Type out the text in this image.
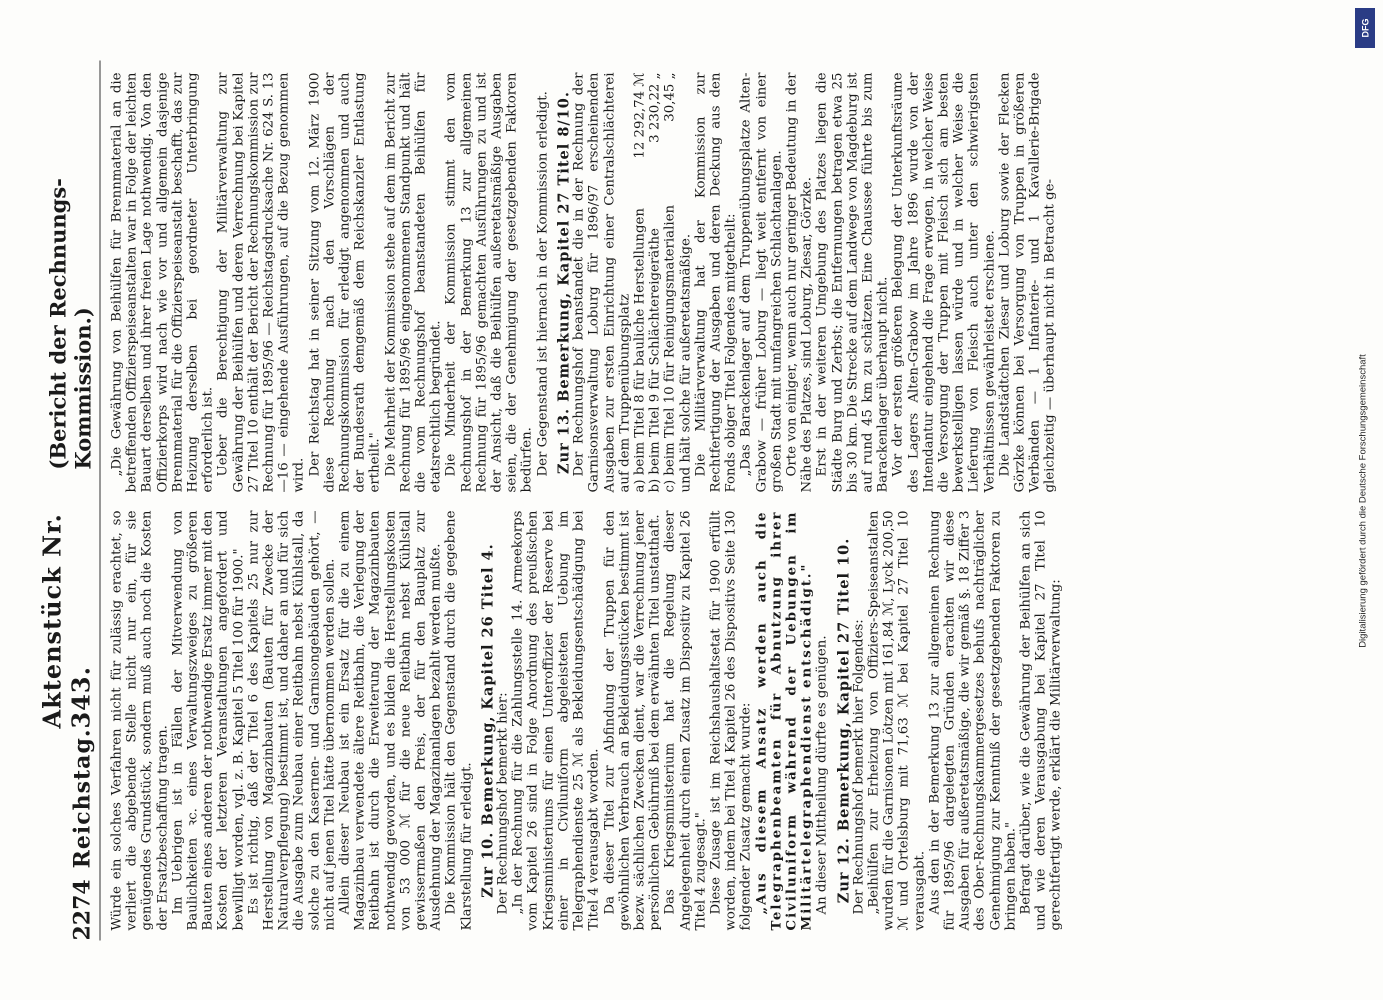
2274
Reichstag.
Aktenstück Nr. 343.
(Bericht der Rechnungs-Kommission.)

Würde ein solches Verfahren nicht für zulässig erachtet, so verliert die abgebende Stelle nicht nur ein, für sie genügendes Grundstück, sondern muß auch noch die Kosten der Ersatzbeschaffung tragen. Im Uebrigen ist in Fällen der Mitverwendung von Baulichkeiten ꝛc. eines Verwaltungszweiges zu größeren Bauten eines anderen der nothwendige Ersatz immer mit den Kosten der letzteren Veranstaltungen angefordert und bewilligt worden, vgl. z. B. Kapitel 5 Titel 100 für 1900." Es ist richtig, daß der Titel 6 des Kapitels 25 nur zur Herstellung von Magazinbauten (Bauten für Zwecke der Naturalverpflegung) bestimmt ist, und daher an und für sich die Ausgabe zum Neubau einer Reitbahn nebst Kühlstall, da solche zu den Kasernen- und Garnisongebäuden gehört, — nicht auf jenen Titel hätte übernommen werden sollen. Allein dieser Neubau ist ein Ersatz für die zu einem Magazinbau verwendete ältere Reitbahn, die Verlegung der Reitbahn ist durch die Erweiterung der Magazinbauten nothwendig geworden, und es bilden die Herstellungskosten von 53 000 ℳ für die neue Reitbahn nebst Kühlstall gewissermaßen den Preis, der für den Bauplatz zur Ausdehnung der Magazinanlagen bezahlt werden mußte. Die Kommission hält den Gegenstand durch die gegebene Klarstellung für erledigt. Zur 10. Bemerkung, Kapitel 26 Titel 4. Der Rechnungshof bemerkt hier: „In der Rechnung für die Zahlungsstelle 14. Armeekorps vom Kapitel 26 sind in Folge Anordnung des preußischen Kriegsministeriums für einen Unteroffizier der Reserve bei einer in Civiluniform abgeleisteten Uebung im Telegraphendienste 25 ℳ als Bekleidungsentschädigung bei Titel 4 verausgabt worden. Da dieser Titel zur Abfindung der Truppen für den gewöhnlichen Verbrauch an Bekleidungsstücken bestimmt ist bezw. sächlichen Zwecken dient, war die Verrechnung jener persönlichen Gebührniß bei dem erwähnten Titel unstatthaft. Das Kriegsministerium hat die Regelung dieser Angelegenheit durch einen Zusatz im Dispositiv zu Kapitel 26 Titel 4 zugesagt." Diese Zusage ist im Reichshaushaltsetat für 1900 erfüllt worden, indem bei Titel 4 Kapitel 26 des Dispositivs Seite 130 folgender Zusatz gemacht wurde: „Aus diesem Ansatz werden auch die Telegraphenbeamten für Abnutzung ihrer Civiluniform während der Uebungen im Militärtelegraphendienst entschädigt." An dieser Mittheilung dürfte es genügen. Zur 12. Bemerkung, Kapitel 27 Titel 10. Der Rechnungshof bemerkt hier Folgendes: „Beihülfen zur Erheizung von Offiziers-Speiseanstalten wurden für die Garnisonen Lötzen mit 161,84 ℳ, Lyck 200,50 ℳ und Ortelsburg mit 71,63 ℳ bei Kapitel 27 Titel 10 verausgabt. Aus den in der Bemerkung 13 zur allgemeinen Rechnung für 1895/96 dargelegten Gründen erachten wir diese Ausgaben für außeretatsmäßige, die wir gemäß §. 18 Ziffer 3 des Ober-Rechnungskammergesetzes behufs nachträglicher Genehmigung zur Kenntniß der gesetzgebenden Faktoren zu bringen haben." Befragt darüber, wie die Gewährung der Beihülfen an sich und wie deren Verausgabung bei Kapitel 27 Titel 10 gerechtfertigt werde, erklärt die Militärverwaltung:

„Die Gewährung von Beihülfen für Brennmaterial an die betreffenden Offizierspeiseanstalten war in Folge der leichten Bauart derselben und ihrer freien Lage nothwendig. Von den Offizierkorps wird nach wie vor und allgemein dasjenige Brennmaterial für die Offizierspeiseanstalt beschafft, das zur Heizung derselben bei geordneter Unterbringung erforderlich ist. Ueber die Berechtigung der Militärverwaltung zur Gewährung der Beihülfen und deren Verrechnung bei Kapitel 27 Titel 10 enthält der Bericht der Rechnungskommission zur Rechnung für 1895/96 — Reichstagsdrucksache Nr. 624 S. 13—16 — eingehende Ausführungen, auf die Bezug genommen wird. Der Reichstag hat in seiner Sitzung vom 12. März 1900 diese Rechnung nach den Vorschlägen der Rechnungskommission für erledigt angenommen und auch der Bundesrath demgemäß dem Reichskanzler Entlastung ertheilt." Die Mehrheit der Kommission stehe auf dem im Bericht zur Rechnung für 1895/96 eingenommenen Standpunkt und hält die vom Rechnungshof beanstandeten Beihülfen für etatsrechtlich begründet. Die Minderheit der Kommission stimmt den vom Rechnungshof in der Bemerkung 13 zur allgemeinen Rechnung für 1895/96 gemachten Ausführungen zu und ist der Ansicht, daß die Beihülfen außeretatsmäßige Ausgaben seien, die der Genehmigung der gesetzgebenden Faktoren bedürfen. Der Gegenstand ist hiernach in der Kommission erledigt. Zur 13. Bemerkung, Kapitel 27 Titel 8/10. Der Rechnungshof beanstandet die in der Rechnung der Garnisonsverwaltung Loburg für 1896/97 erscheinenden Ausgaben zur ersten Einrichtung einer Centralschlächterei auf dem Truppenübungsplatz a) beim Titel 8 für bauliche Herstellungen
12 292,74 ℳ
b) beim Titel 9 für Schlächtereigeräthe
3 230,22 „
c) beim Titel 10 für Reinigungsmaterialien
30,45 „

und hält solche für außeretatsmäßige. Die Militärverwaltung hat der Kommission zur Rechtfertigung der Ausgaben und deren Deckung aus den Fonds obiger Titel Folgendes mitgetheilt: „Das Barackenlager auf dem Truppenübungsplatze Alten-Grabow — früher Loburg — liegt weit entfernt von einer großen Stadt mit umfangreichen Schlachtanlagen. Orte von einiger, wenn auch nur geringer Bedeutung in der Nähe des Platzes, sind Loburg, Ziesar, Görzke. Erst in der weiteren Umgebung des Platzes liegen die Städte Burg und Zerbst; die Entfernungen betragen etwa 25 bis 30 km. Die Strecke auf dem Landwege von Magdeburg ist auf rund 45 km zu schätzen. Eine Chaussee führte bis zum Barackenlager überhaupt nicht. Vor der ersten größeren Belegung der Unterkunftsräume des Lagers Alten-Grabow im Jahre 1896 wurde von der Intendantur eingehend die Frage erwogen, in welcher Weise die Versorgung der Truppen mit Fleisch sich am besten bewerkstelligen lassen würde und in welcher Weise die Lieferung von Fleisch auch unter den schwierigsten Verhältnissen gewährleistet erschiene. Die Landstädtchen Ziesar und Loburg sowie der Flecken Görzke können bei Versorgung von Truppen in größeren Verbänden — 1 Infanterie- und 1 Kavallerie-Brigade gleichzeitig — überhaupt nicht in Betracht ge-

DFG
Digitalisierung gefördert durch die Deutsche Forschungsgemeinschaft
